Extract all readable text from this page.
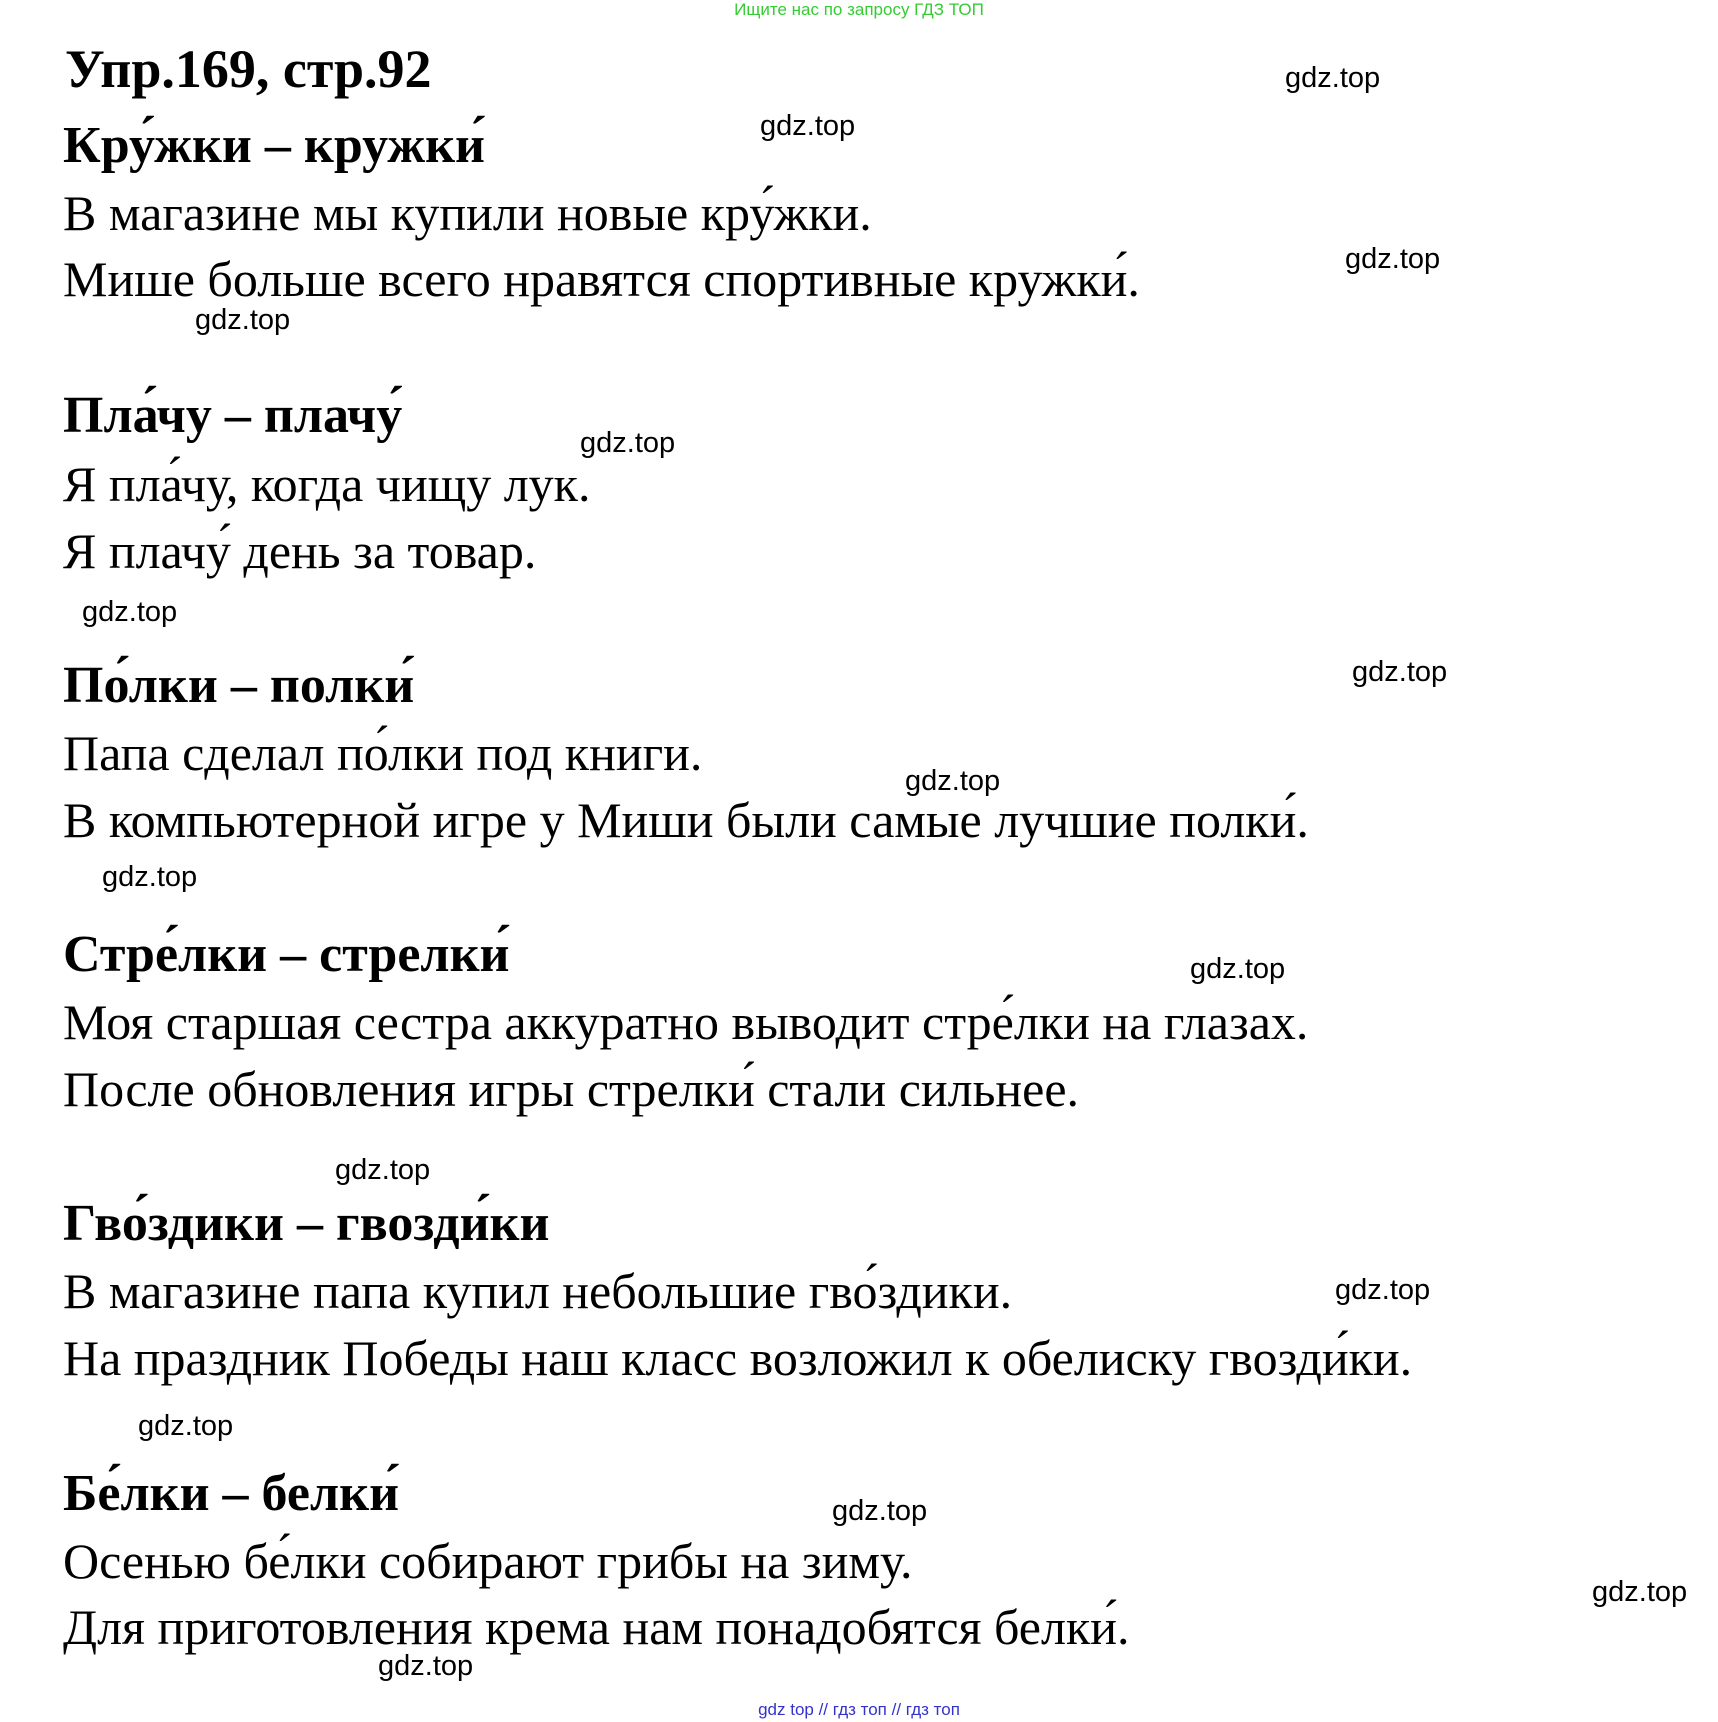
Ищите нас по запросу ГДЗ ТОП
Упр.169, стр.92
Кру́жки – кружки́
В магазине мы купили новые кру́жки.
Мише больше всего нравятся спортивные кружки́.
Пла́чу – плачу́
Я пла́чу, когда чищу лук.
Я плачу́ день за товар.
По́лки – полки́
Папа сделал по́лки под книги.
В компьютерной игре у Миши были самые лучшие полки́.
Стре́лки – стрелки́
Моя старшая сестра аккуратно выводит стре́лки на глазах.
После обновления игры стрелки́ стали сильнее.
Гво́здики – гвозди́ки
В магазине папа купил небольшие гво́здики.
На праздник Победы наш класс возложил к обелиску гвозди́ки.
Бе́лки – белки́
Осенью бе́лки собирают грибы на зиму.
Для приготовления крема нам понадобятся белки́.
gdz.top
gdz.top
gdz.top
gdz.top
gdz.top
gdz.top
gdz.top
gdz.top
gdz.top
gdz.top
gdz.top
gdz.top
gdz.top
gdz.top
gdz.top
gdz.top
gdz top // гдз топ // гдз топ
